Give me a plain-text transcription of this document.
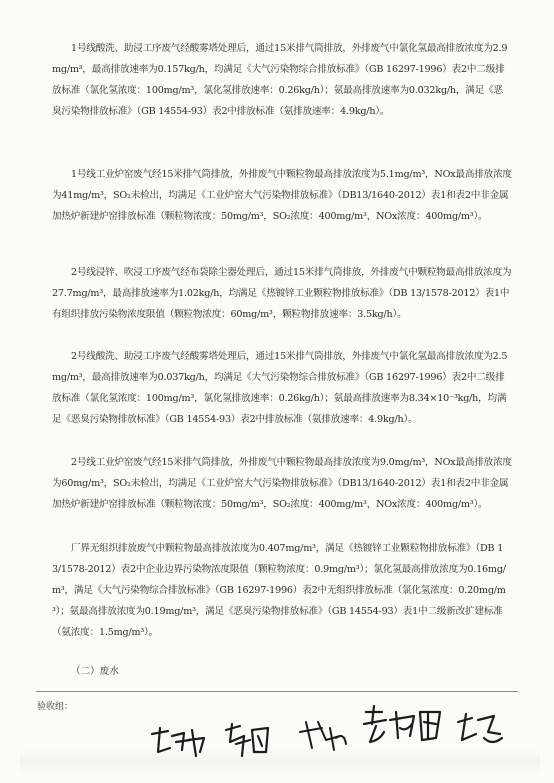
1号线酸洗、助浸工序废气经酸雾塔处理后，通过15米排气筒排放，外排废气中氯化氢最高排放浓度为2.9mg/m³，最高排放速率为0.157kg/h，均满足《大气污染物综合排放标准》（GB 16297-1996）表2中二级排放标准（氯化氢浓度：100mg/m³，氯化氢排放速率：0.26kg/h）；氨最高排放速率为0.032kg/h，满足《恶臭污染物排放标准》（GB 14554-93）表2中排放标准（氨排放速率：4.9kg/h）。
1号线工业炉窑废气经15米排气筒排放，外排废气中颗粒物最高排放浓度为5.1mg/m³，NOx最高排放浓度为41mg/m³，SO₂未检出，均满足《工业炉窑大气污染物排放标准》（DB13/1640-2012）表1和表2中非金属加热炉新建炉窑排放标准（颗粒物浓度：50mg/m³，SO₂浓度：400mg/m³，NOx浓度：400mg/m³）。
2号线浸锌、吹浸工序废气经布袋除尘器处理后，通过15米排气筒排放，外排废气中颗粒物最高排放浓度为27.7mg/m³，最高排放速率为1.02kg/h，均满足《热镀锌工业颗粒物排放标准》（DB 13/1578-2012）表1中有组织排放污染物浓度限值（颗粒物浓度：60mg/m³，颗粒物排放速率：3.5kg/h）。
2号线酸洗、助浸工序废气经酸雾塔处理后，通过15米排气筒排放，外排废气中氯化氢最高排放浓度为2.5mg/m³，最高排放速率为0.037kg/h，均满足《大气污染物综合排放标准》（GB 16297-1996）表2中二级排放标准（氯化氢浓度：100mg/m³，氯化氢排放速率：0.26kg/h）；氨最高排放速率为8.34×10⁻³kg/h，均满足《恶臭污染物排放标准》（GB 14554-93）表2中排放标准（氨排放速率：4.9kg/h）。
2号线工业炉窑废气经15米排气筒排放，外排废气中颗粒物最高排放浓度为9.0mg/m³，NOx最高排放浓度为60mg/m³，SO₂未检出，均满足《工业炉窑大气污染物排放标准》（DB13/1640-2012）表1和表2中非金属加热炉新建炉窑排放标准（颗粒物浓度：50mg/m³，SO₂浓度：400mg/m³，NOx浓度：400mg/m³）。
厂界无组织排放废气中颗粒物最高排放浓度为0.407mg/m³，满足《热镀锌工业颗粒物排放标准》（DB 13/1578-2012）表2中企业边界污染物浓度限值（颗粒物浓度：0.9mg/m³）；氯化氢最高排放浓度为0.16mg/m³，满足《大气污染物综合排放标准》（GB 16297-1996）表2中无组织排放标准（氯化氢浓度：0.20mg/m³）；氨最高排放浓度为0.19mg/m³，满足《恶臭污染物排放标准》（GB 14554-93）表1中二级新改扩建标准（氨浓度：1.5mg/m³）。
（二）废水
验收组：
